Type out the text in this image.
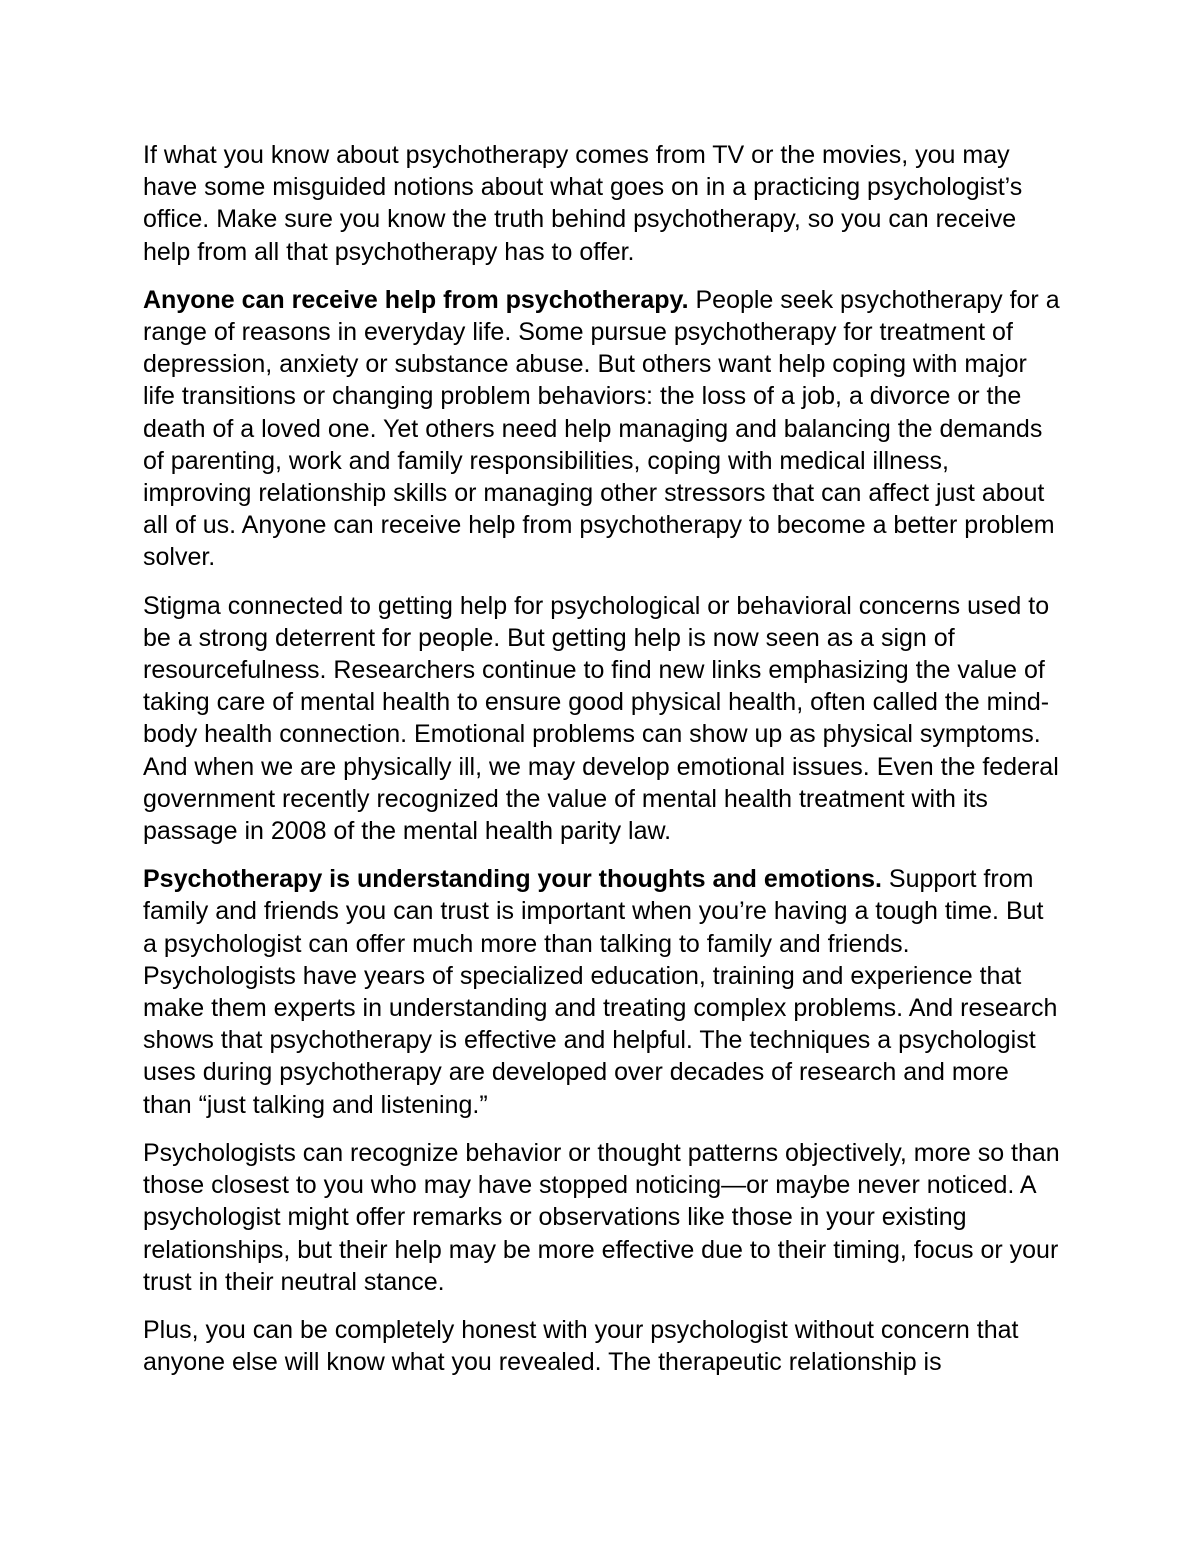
If what you know about psychotherapy comes from TV or the movies, you may have some misguided notions about what goes on in a practicing psychologist’s office. Make sure you know the truth behind psychotherapy, so you can receive help from all that psychotherapy has to offer.

Anyone can receive help from psychotherapy. People seek psychotherapy for a range of reasons in everyday life. Some pursue psychotherapy for treatment of depression, anxiety or substance abuse. But others want help coping with major life transitions or changing problem behaviors: the loss of a job, a divorce or the death of a loved one. Yet others need help managing and balancing the demands of parenting, work and family responsibilities, coping with medical illness, improving relationship skills or managing other stressors that can affect just about all of us. Anyone can receive help from psychotherapy to become a better problem solver.

Stigma connected to getting help for psychological or behavioral concerns used to be a strong deterrent for people. But getting help is now seen as a sign of resourcefulness. Researchers continue to find new links emphasizing the value of taking care of mental health to ensure good physical health, often called the mind-body health connection. Emotional problems can show up as physical symptoms. And when we are physically ill, we may develop emotional issues. Even the federal government recently recognized the value of mental health treatment with its passage in 2008 of the mental health parity law.

Psychotherapy is understanding your thoughts and emotions. Support from family and friends you can trust is important when you’re having a tough time. But a psychologist can offer much more than talking to family and friends. Psychologists have years of specialized education, training and experience that make them experts in understanding and treating complex problems. And research shows that psychotherapy is effective and helpful. The techniques a psychologist uses during psychotherapy are developed over decades of research and more than “just talking and listening.”

Psychologists can recognize behavior or thought patterns objectively, more so than those closest to you who may have stopped noticing—or maybe never noticed. A psychologist might offer remarks or observations like those in your existing relationships, but their help may be more effective due to their timing, focus or your trust in their neutral stance.

Plus, you can be completely honest with your psychologist without concern that anyone else will know what you revealed. The therapeutic relationship is
